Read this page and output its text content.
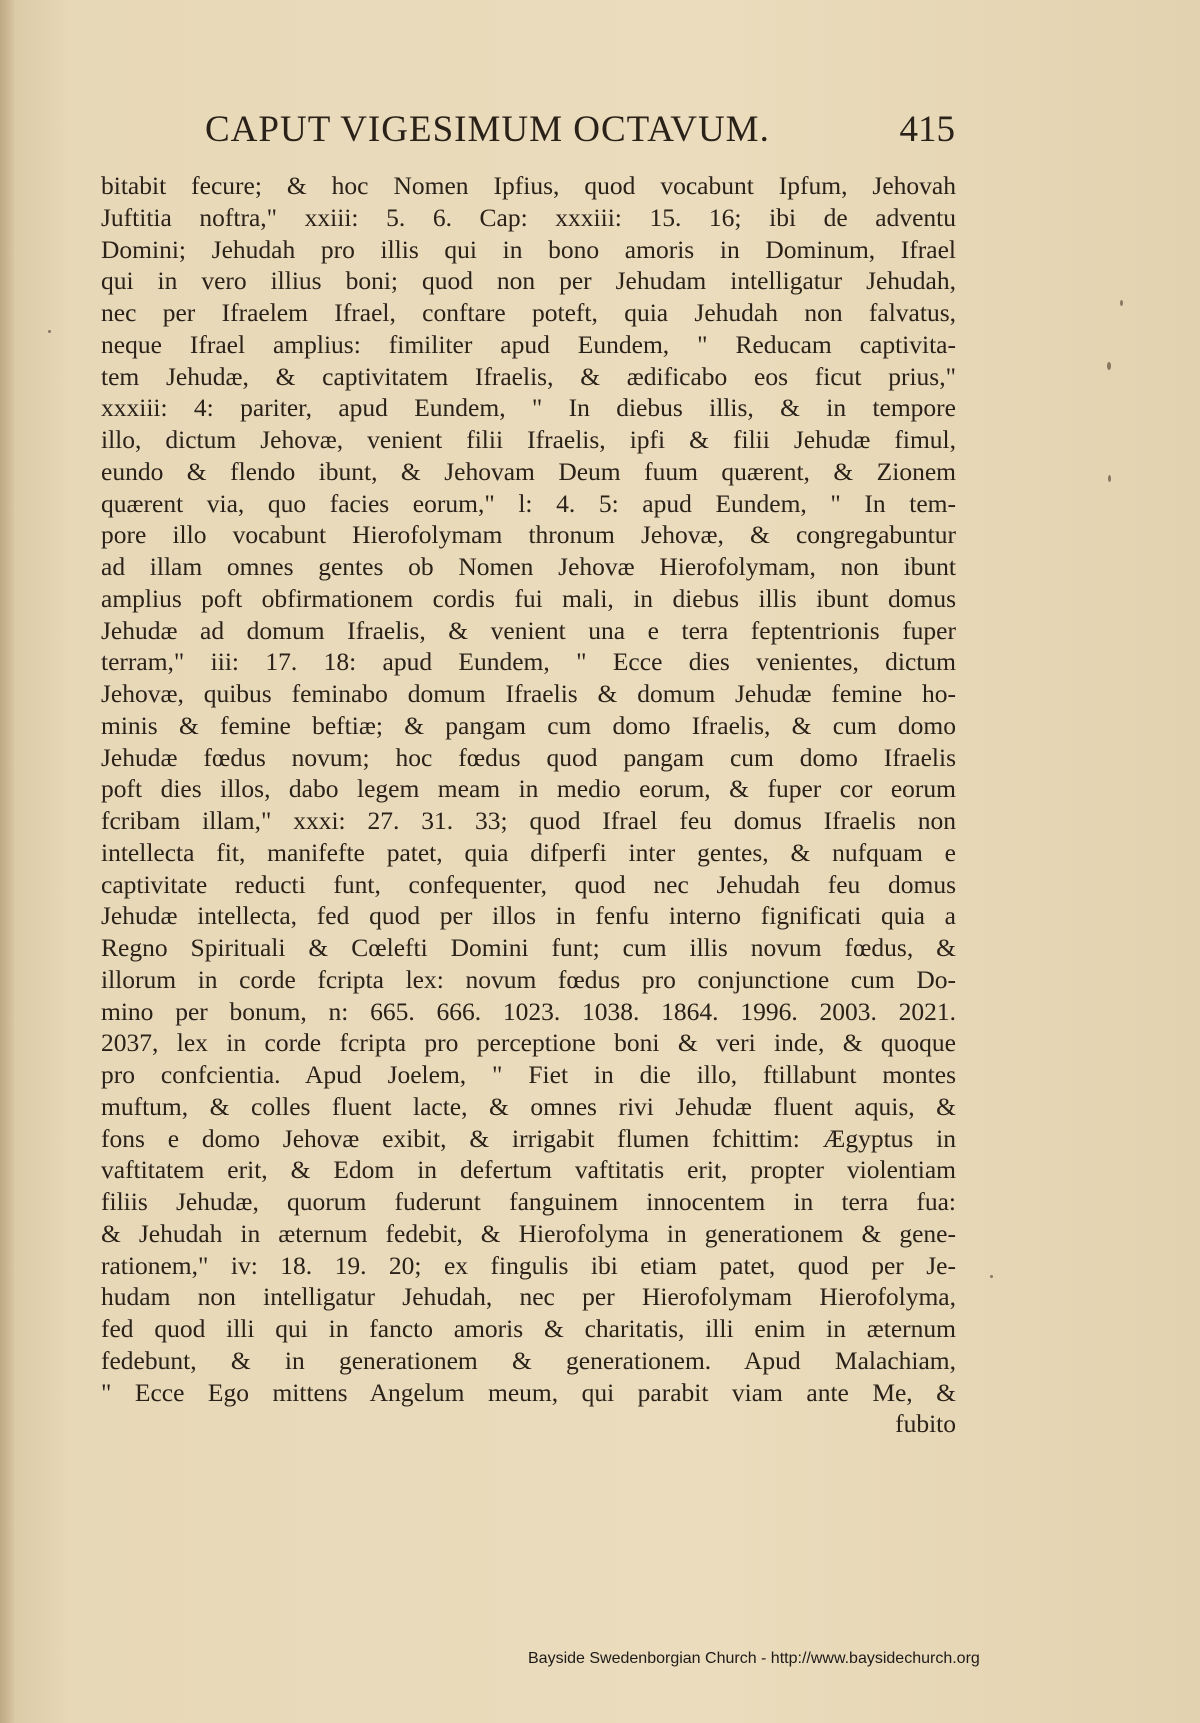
CAPUT VIGESIMUM OCTAVUM.	415
bitabit fecure; & hoc Nomen Ipfius, quod vocabunt Ipfum, Jehovah
Juftitia noftra," xxiii: 5. 6. Cap: xxxiii: 15. 16; ibi de adventu
Domini; Jehudah pro illis qui in bono amoris in Dominum, Ifrael
qui in vero illius boni; quod non per Jehudam intelligatur Jehudah,
nec per Ifraelem Ifrael, conftare poteft, quia Jehudah non falvatus,
neque Ifrael amplius: fimiliter apud Eundem, " Reducam captivita-
tem Jehudæ, & captivitatem Ifraelis, & ædificabo eos ficut prius,"
xxxiii: 4: pariter, apud Eundem, " In diebus illis, & in tempore
illo, dictum Jehovæ, venient filii Ifraelis, ipfi & filii Jehudæ fimul,
eundo & flendo ibunt, & Jehovam Deum fuum quærent, & Zionem
quærent via, quo facies eorum," l: 4. 5: apud Eundem, " In tem-
pore illo vocabunt Hierofolymam thronum Jehovæ, & congregabuntur
ad illam omnes gentes ob Nomen Jehovæ Hierofolymam, non ibunt
amplius poft obfirmationem cordis fui mali, in diebus illis ibunt domus
Jehudæ ad domum Ifraelis, & venient una e terra feptentrionis fuper
terram," iii: 17. 18: apud Eundem, " Ecce dies venientes, dictum
Jehovæ, quibus feminabo domum Ifraelis & domum Jehudæ femine ho-
minis & femine beftiæ; & pangam cum domo Ifraelis, & cum domo
Jehudæ fœdus novum; hoc fœdus quod pangam cum domo Ifraelis
poft dies illos, dabo legem meam in medio eorum, & fuper cor eorum
fcribam illam," xxxi: 27. 31. 33; quod Ifrael feu domus Ifraelis non
intellecta fit, manifefte patet, quia difperfi inter gentes, & nufquam e
captivitate reducti funt, confequenter, quod nec Jehudah feu domus
Jehudæ intellecta, fed quod per illos in fenfu interno fignificati quia a
Regno Spirituali & Cœlefti Domini funt; cum illis novum fœdus, &
illorum in corde fcripta lex: novum fœdus pro conjunctione cum Do-
mino per bonum, n: 665. 666. 1023. 1038. 1864. 1996. 2003. 2021.
2037, lex in corde fcripta pro perceptione boni & veri inde, & quoque
pro confcientia. Apud Joelem, " Fiet in die illo, ftillabunt montes
muftum, & colles fluent lacte, & omnes rivi Jehudæ fluent aquis, &
fons e domo Jehovæ exibit, & irrigabit flumen fchittim: Ægyptus in
vaftitatem erit, & Edom in defertum vaftitatis erit, propter violentiam
filiis Jehudæ, quorum fuderunt fanguinem innocentem in terra fua:
& Jehudah in æternum fedebit, & Hierofolyma in generationem & gene-
rationem," iv: 18. 19. 20; ex fingulis ibi etiam patet, quod per Je-
hudam non intelligatur Jehudah, nec per Hierofolymam Hierofolyma,
fed quod illi qui in fancto amoris & charitatis, illi enim in æternum
fedebunt, & in generationem & generationem. Apud Malachiam,
" Ecce Ego mittens Angelum meum, qui parabit viam ante Me, &
fubito
Bayside Swedenborgian Church - http://www.baysidechurch.org
